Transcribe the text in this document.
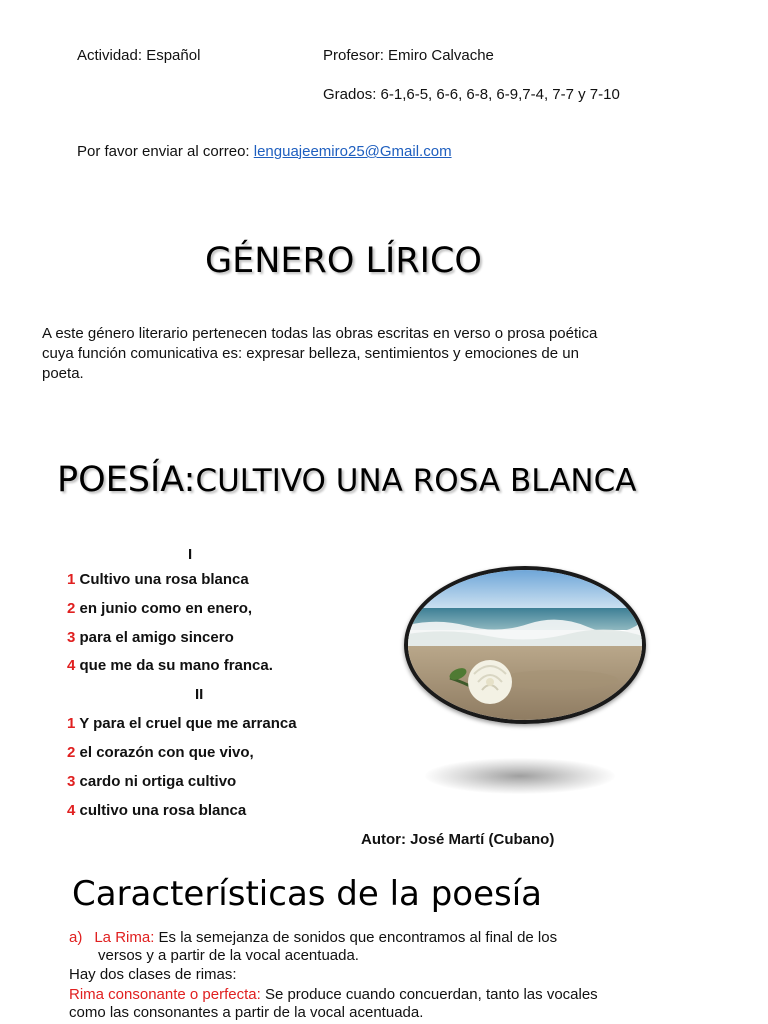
Actividad: Español	Profesor: Emiro Calvache
Grados: 6-1,6-5, 6-6, 6-8, 6-9,7-4, 7-7 y 7-10
Por favor enviar al correo: lenguajeemiro25@Gmail.com
GÉNERO LÍRICO
A este género literario pertenecen todas las obras escritas en verso o prosa poética
cuya función comunicativa es: expresar belleza, sentimientos y emociones de un
poeta.
POESÍA:CULTIVO UNA ROSA BLANCA
I
1 Cultivo una rosa blanca
2 en junio como en enero,
3 para el amigo sincero
4 que me da su mano franca.
II
1 Y para el cruel que me arranca
2 el corazón con que vivo,
3 cardo ni ortiga cultivo
4 cultivo una rosa blanca
Autor: José Martí (Cubano)
Características de la poesía
a) La Rima: Es la semejanza de sonidos que encontramos al final de los
versos y a partir de la vocal acentuada.
Hay dos clases de rimas:
Rima consonante o perfecta: Se produce cuando concuerdan, tanto las vocales
como las consonantes a partir de la vocal acentuada.
